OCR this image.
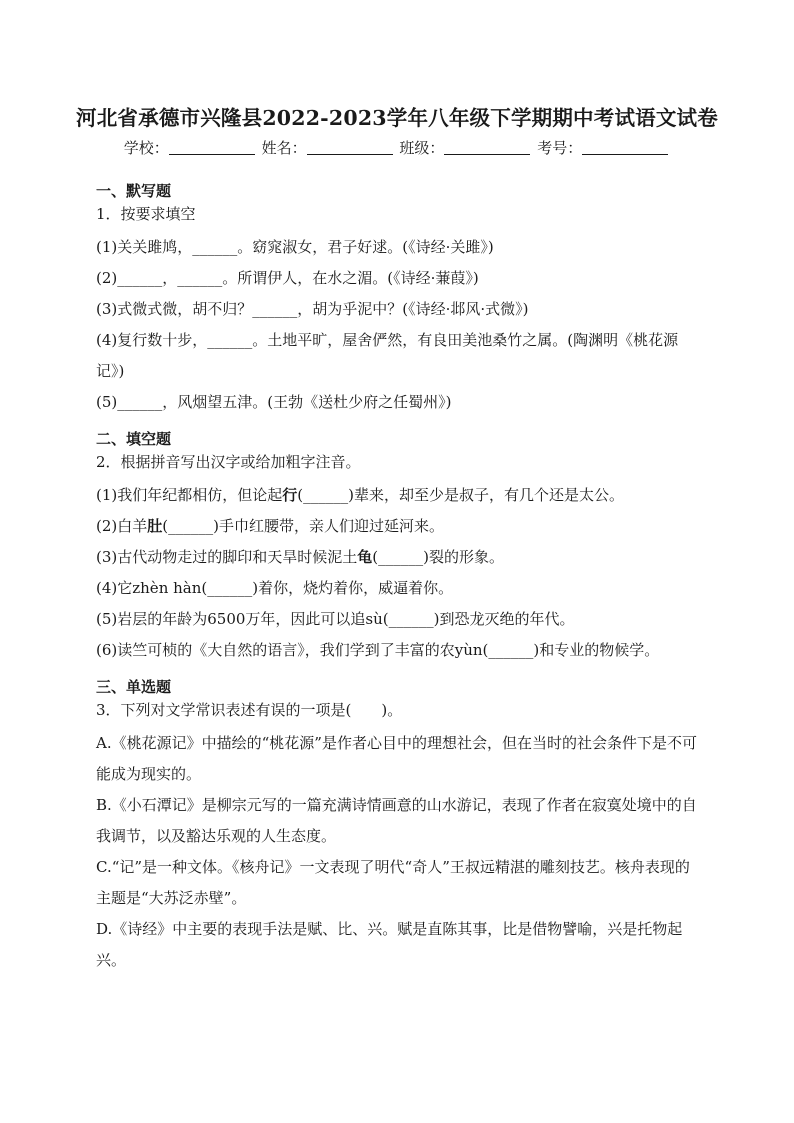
河北省承德市兴隆县2022-2023学年八年级下学期期中考试语文试卷
学校：	姓名：	班级：	考号：
一、默写题
1．按要求填空
(1)关关雎鸠，______。窈窕淑女，君子好逑。(《诗经·关雎》)
(2)______，______。所谓伊人，在水之湄。(《诗经·蒹葭》)
(3)式微式微，胡不归？______，胡为乎泥中？(《诗经·邶风·式微》)
(4)复行数十步，______。土地平旷，屋舍俨然，有良田美池桑竹之属。(陶渊明《桃花源记》)
(5)______，风烟望五津。(王勃《送杜少府之任蜀州》)
二、填空题
2．根据拼音写出汉字或给加粗字注音。
(1)我们年纪都相仿，但论起行(______)辈来，却至少是叔子，有几个还是太公。
(2)白羊肚(______)手巾红腰带，亲人们迎过延河来。
(3)古代动物走过的脚印和天旱时候泥土龟(______)裂的形象。
(4)它zhèn hàn(______)着你，烧灼着你，威逼着你。
(5)岩层的年龄为6500万年，因此可以追sù(______)到恐龙灭绝的年代。
(6)读竺可桢的《大自然的语言》，我们学到了丰富的农yùn(______)和专业的物候学。
三、单选题
3．下列对文学常识表述有误的一项是(　　)。
A.《桃花源记》中描绘的“桃花源”是作者心目中的理想社会，但在当时的社会条件下是不可能成为现实的。
B.《小石潭记》是柳宗元写的一篇充满诗情画意的山水游记，表现了作者在寂寞处境中的自我调节，以及豁达乐观的人生态度。
C.“记”是一种文体。《核舟记》一文表现了明代“奇人”王叔远精湛的雕刻技艺。核舟表现的主题是“大苏泛赤壁”。
D.《诗经》中主要的表现手法是赋、比、兴。赋是直陈其事，比是借物譬喻，兴是托物起兴。
